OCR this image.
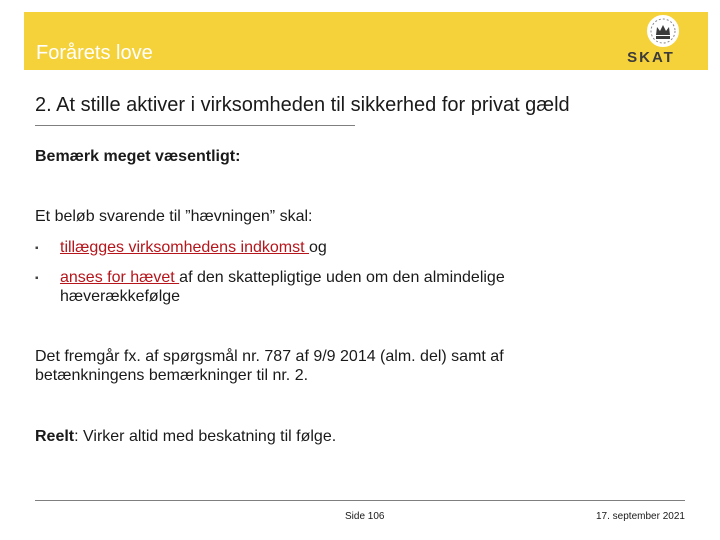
Forårets love	SKAT
2. At stille aktiver i virksomheden til sikkerhed for privat gæld
Bemærk meget væsentligt:
Et beløb svarende til ”hævningen” skal:
▪ tillægges virksomhedens indkomst og
▪ anses for hævet af den skattepligtige uden om den almindelige
hæverækkefølge
Det fremgår fx. af spørgsmål nr. 787 af 9/9 2014 (alm. del) samt af
betænkningens bemærkninger til nr. 2.
Reelt: Virker altid med beskatning til følge.
Side 106	17. september 2021
